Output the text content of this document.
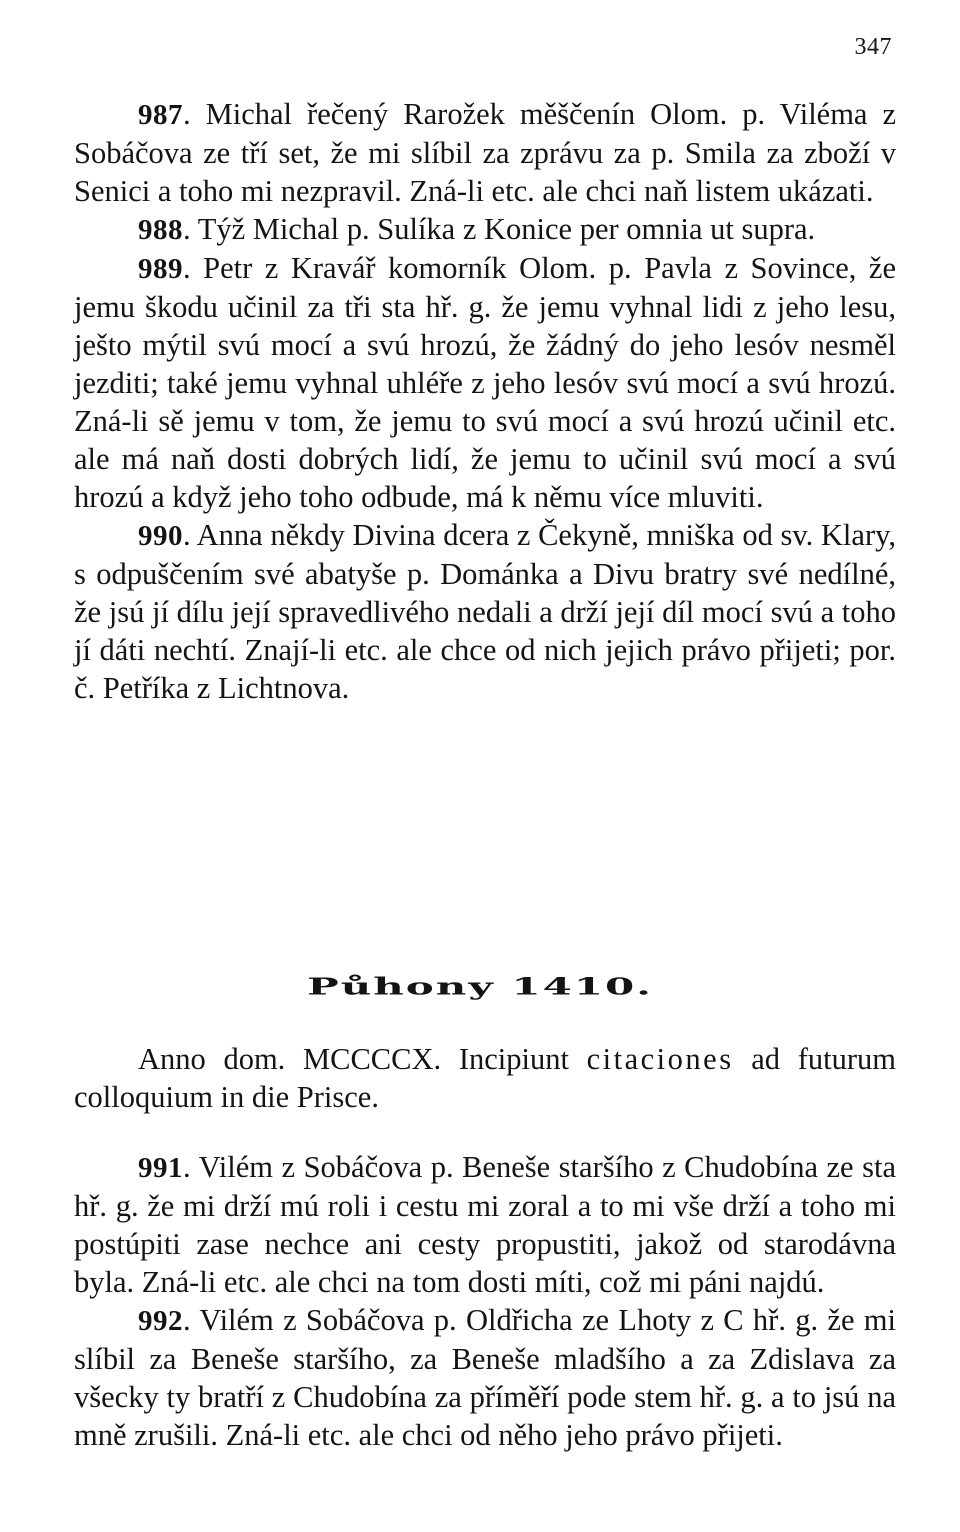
347

987. Michal řečený Rarožek měščenín Olom. p. Viléma z Sobáčova ze tří set, že mi slíbil za zprávu za p. Smila za zboží v Senici a toho mi nezpravil. Zná-li etc. ale chci naň listem ukázati.

988. Týž Michal p. Sulíka z Konice per omnia ut supra.

989. Petr z Kravář komorník Olom. p. Pavla z Sovince, že jemu škodu učinil za tři sta hř. g. že jemu vyhnal lidi z jeho lesu, ješto mýtil svú mocí a svú hrozú, že žádný do jeho lesóv nesměl jezditi; také jemu vyhnal uhléře z jeho lesóv svú mocí a svú hrozú. Zná-li sě jemu v tom, že jemu to svú mocí a svú hrozú učinil etc. ale má naň dosti dobrých lidí, že jemu to učinil svú mocí a svú hrozú a když jeho toho odbude, má k němu více mluviti.

990. Anna někdy Divina dcera z Čekyně, mniška od sv. Klary, s odpuščením své abatyše p. Dománka a Divu bratry své nedílné, že jsú jí dílu její spravedlivého nedali a drží její díl mocí svú a toho jí dáti nechtí. Znají-li etc. ale chce od nich jejich právo přijeti; por. č. Petříka z Lichtnova.

Půhony 1410.

Anno dom. MCCCCX. Incipiunt citaciones ad futurum colloquium in die Prisce.

991. Vilém z Sobáčova p. Beneše staršího z Chudobína ze sta hř. g. že mi drží mú roli i cestu mi zoral a to mi vše drží a toho mi postúpiti zase nechce ani cesty propustiti, jakož od starodávna byla. Zná-li etc. ale chci na tom dosti míti, což mi páni najdú.

992. Vilém z Sobáčova p. Oldřicha ze Lhoty z C hř. g. že mi slíbil za Beneše staršího, za Beneše mladšího a za Zdislava za všecky ty bratří z Chudobína za příměří pode stem hř. g. a to jsú na mně zrušili. Zná-li etc. ale chci od něho jeho právo přijeti.
